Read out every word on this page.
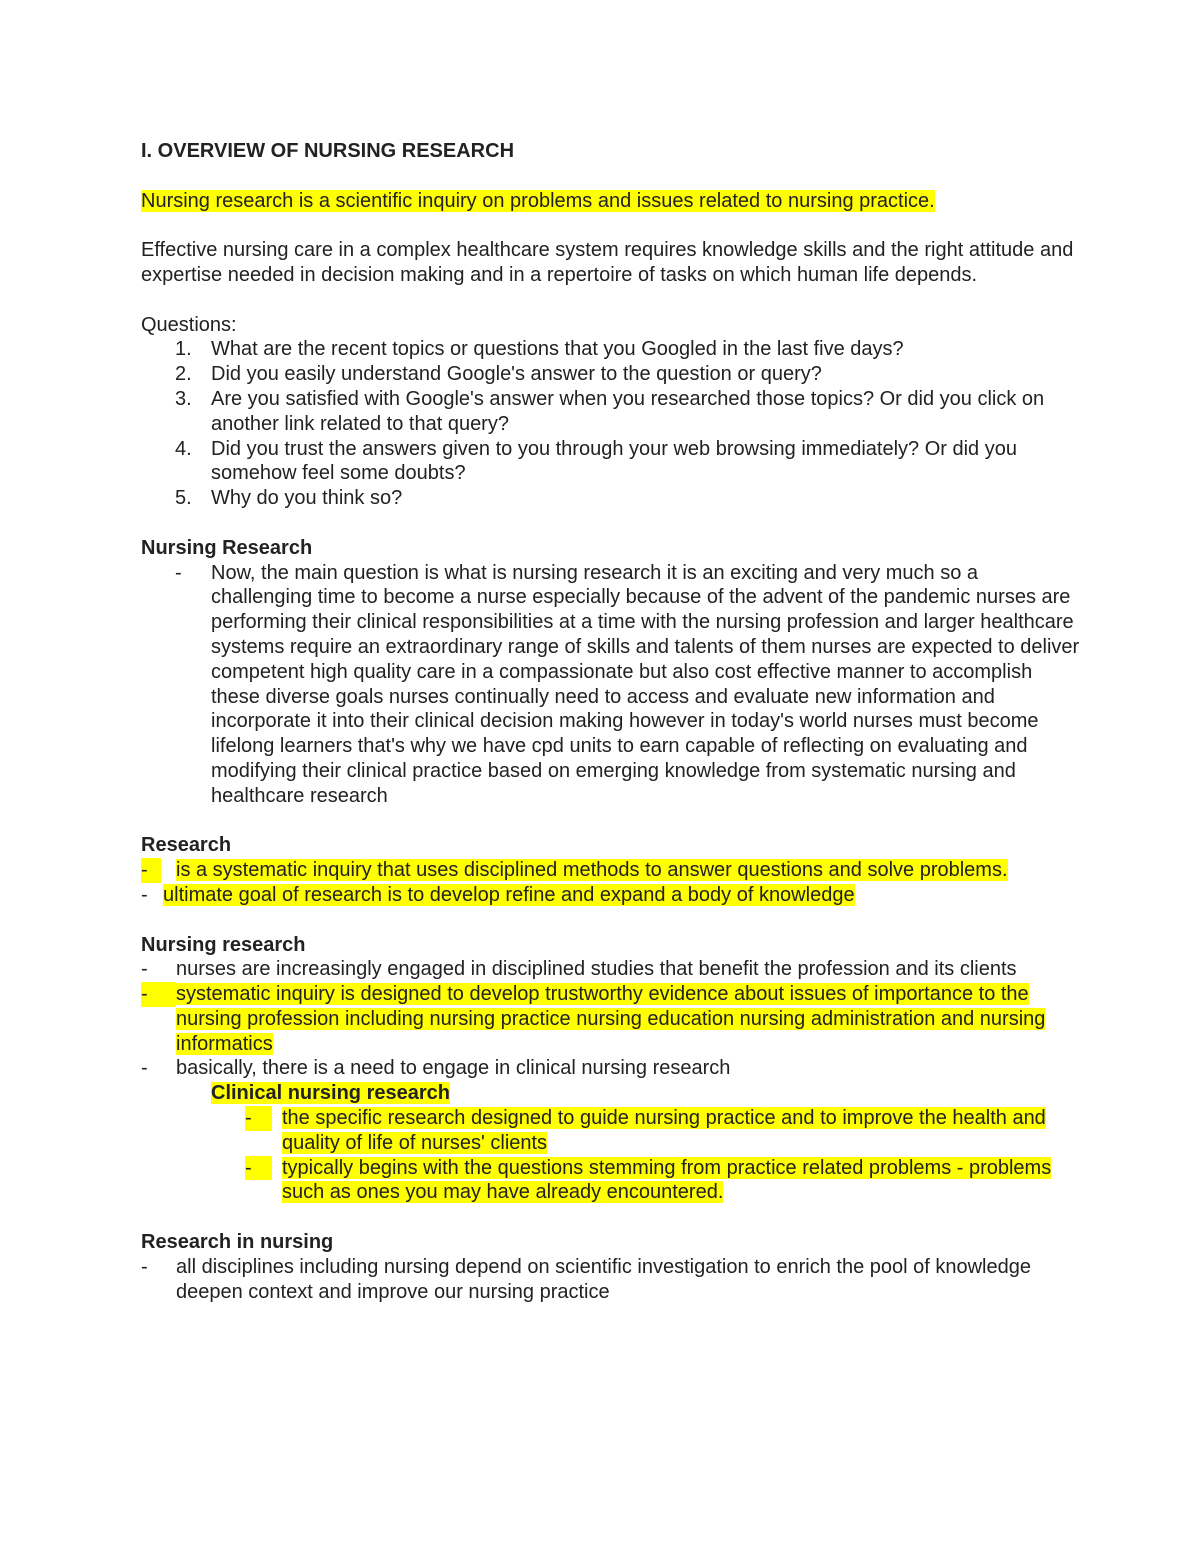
I. OVERVIEW OF NURSING RESEARCH

Nursing research is a scientific inquiry on problems and issues related to nursing practice.

Effective nursing care in a complex healthcare system requires knowledge skills and the right attitude and expertise needed in decision making and in a repertoire of tasks on which human life depends.

Questions:

1. What are the recent topics or questions that you Googled in the last five days?
2. Did you easily understand Google's answer to the question or query?
3. Are you satisfied with Google's answer when you researched those topics? Or did you click on another link related to that query?
4. Did you trust the answers given to you through your web browsing immediately? Or did you somehow feel some doubts?
5. Why do you think so?

Nursing Research

- Now, the main question is what is nursing research it is an exciting and very much so a challenging time to become a nurse especially because of the advent of the pandemic nurses are performing their clinical responsibilities at a time with the nursing profession and larger healthcare systems require an extraordinary range of skills and talents of them nurses are expected to deliver competent high quality care in a compassionate but also cost effective manner to accomplish these diverse goals nurses continually need to access and evaluate new information and incorporate it into their clinical decision making however in today's world nurses must become lifelong learners that's why we have cpd units to earn capable of reflecting on evaluating and modifying their clinical practice based on emerging knowledge from systematic nursing and healthcare research

Research

-	is a systematic inquiry that uses disciplined methods to answer questions and solve problems.
- ultimate goal of research is to develop refine and expand a body of knowledge

Nursing research

- nurses are increasingly engaged in disciplined studies that benefit the profession and its clients
-	systematic inquiry is designed to develop trustworthy evidence about issues of importance to the nursing profession including nursing practice nursing education nursing administration and nursing informatics
- basically, there is a need to engage in clinical nursing research

Clinical nursing research

-	the specific research designed to guide nursing practice and to improve the health and quality of life of nurses' clients
-	typically begins with the questions stemming from practice related problems - problems such as ones you may have already encountered.

Research in nursing

- all disciplines including nursing depend on scientific investigation to enrich the pool of knowledge deepen context and improve our nursing practice
